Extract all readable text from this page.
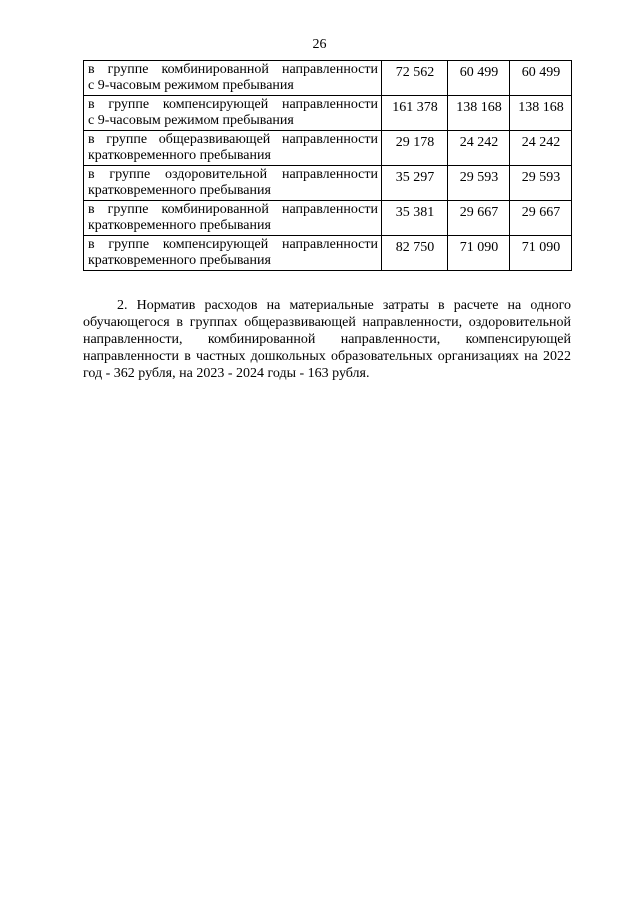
26
в группе комбинированной направленности
с 9-часовым режимом пребывания	72 562	60 499	60 499

в группе компенсирующей направленности
с 9-часовым режимом пребывания	161 378	138 168	138 168

в группе общеразвивающей направленности
кратковременного пребывания	29 178	24 242	24 242

в группе оздоровительной направленности
кратковременного пребывания	35 297	29 593	29 593

в группе комбинированной направленности
кратковременного пребывания	35 381	29 667	29 667

в группе компенсирующей направленности
кратковременного пребывания	82 750	71 090	71 090
2. Норматив расходов на материальные затраты в расчете на одного обучающегося в группах общеразвивающей направленности, оздоровительной направленности, комбинированной направленности, компенсирующей направленности в частных дошкольных образовательных организациях на 2022 год - 362 рубля, на 2023 - 2024 годы - 163 рубля.
